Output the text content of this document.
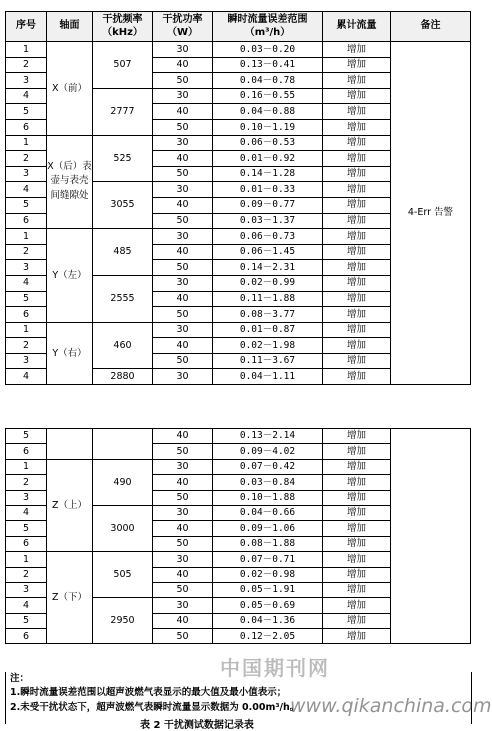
序号	轴面	干扰频率（kHz）	干扰功率（W）	瞬时流量误差范围（m³/h）	累计流量	备注
1	X（前）	507	30	0.03－0.20	增加	4-Err 告警
2			40	0.13－0.41	增加	
3			50	0.04－0.78	增加	
4		2777	30	0.16－0.55	增加	
5			40	0.04－0.88	增加	
6			50	0.10－1.19	增加	
1	X（后）表壶与表壳间缝隙处	525	30	0.06－0.53	增加	
2			40	0.01－0.92	增加	
3			50	0.14－1.28	增加	
4		3055	30	0.01－0.33	增加	
5			40	0.09－0.77	增加	
6			50	0.03－1.37	增加	
1	Y（左）	485	30	0.06－0.73	增加	
2			40	0.06－1.45	增加	
3			50	0.14－2.31	增加	
4		2555	30	0.02－0.99	增加	
5			40	0.11－1.88	增加	
6			50	0.08－3.77	增加	
1	Y（右）	460	30	0.01－0.87	增加	
2			40	0.02－1.98	增加	
3			50	0.11－3.67	增加	
4		2880	30	0.04－1.11	增加	
5			40	0.13－2.14	增加	
6			50	0.09－4.02	增加	
1	Z（上）	490	30	0.07－0.42	增加	
2			40	0.03－0.84	增加	
3			50	0.10－1.88	增加	
4		3000	30	0.04－0.66	增加	
5			40	0.09－1.06	增加	
6			50	0.08－1.88	增加	
1	Z（下）	505	30	0.07－0.71	增加	
2			40	0.02－0.98	增加	
3			50	0.05－1.91	增加	
4		2950	30	0.05－0.69	增加	
5			40	0.04－1.36	增加	
6			50	0.12－2.05	增加	
注：
1.瞬时流量误差范围以超声波燃气表显示的最大值及最小值表示；
2.未受干扰状态下，超声波燃气表瞬时流量显示数据为 0.00m³/h。
中国期刊网
www.qikanchina.com
表 2 干扰测试数据记录表
